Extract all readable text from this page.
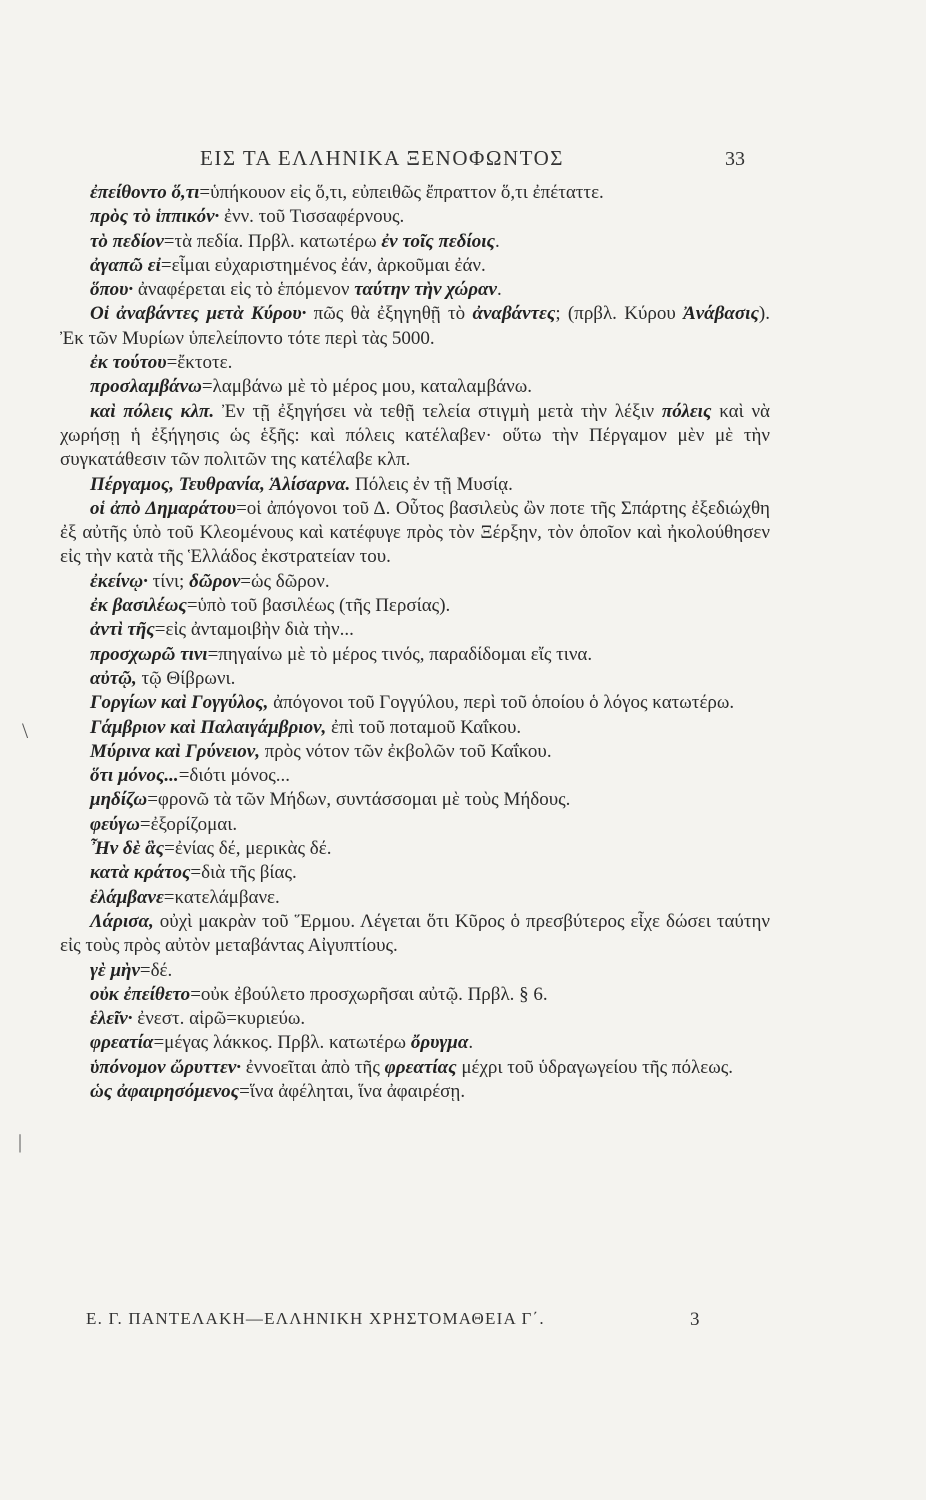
ΕΙΣ ΤΑ ΕΛΛΗΝΙΚΑ ΞΕΝΟΦΩΝΤΟΣ	33

ἐπείθοντο ὅ,τι=ὑπήκουον εἰς ὅ,τι, εὐπειθῶς ἔπραττον ὅ,τι ἐπέταττε.

πρὸς τὸ ἱππικόν· ἐνν. τοῦ Τισσαφέρνους.

τὸ πεδίον=τὰ πεδία. Πρβλ. κατωτέρω ἐν τοῖς πεδίοις.

ἀγαπῶ εἰ=εἶμαι εὐχαριστημένος ἐάν, ἀρκοῦμαι ἐάν.

ὅπου· ἀναφέρεται εἰς τὸ ἑπόμενον ταύτην τὴν χώραν.

Οἱ ἀναβάντες μετὰ Κύρου· πῶς θὰ ἐξηγηθῇ τὸ ἀναβάντες; (πρβλ. Κύρου Ἀνάβασις). Ἐκ τῶν Μυρίων ὑπελείποντο τότε περὶ τὰς 5000.

ἐκ τούτου=ἔκτοτε.

προσλαμβάνω=λαμβάνω μὲ τὸ μέρος μου, καταλαμβάνω.

καὶ πόλεις κλπ. Ἐν τῇ ἐξηγήσει νὰ τεθῇ τελεία στιγμὴ μετὰ τὴν λέξιν πόλεις καὶ νὰ χωρήσῃ ἡ ἐξήγησις ὡς ἑξῆς: καὶ πόλεις κατέλαβεν· οὕτω τὴν Πέργαμον μὲν μὲ τὴν συγκατάθεσιν τῶν πολιτῶν της κατέλαβε κλπ.

Πέργαμος, Τευθρανία, Ἁλίσαρνα. Πόλεις ἐν τῇ Μυσίᾳ.

οἱ ἀπὸ Δημαράτου=οἱ ἀπόγονοι τοῦ Δ. Οὗτος βασιλεὺς ὢν ποτε τῆς Σπάρτης ἐξεδιώχθη ἐξ αὐτῆς ὑπὸ τοῦ Κλεομένους καὶ κατέφυγε πρὸς τὸν Ξέρξην, τὸν ὁποῖον καὶ ἠκολούθησεν εἰς τὴν κατὰ τῆς Ἑλλάδος ἐκστρατείαν του.

ἐκείνῳ· τίνι; δῶρον=ὡς δῶρον.

ἐκ βασιλέως=ὑπὸ τοῦ βασιλέως (τῆς Περσίας).

ἀντὶ τῆς=εἰς ἀνταμοιβὴν διὰ τὴν...

προσχωρῶ τινι=πηγαίνω μὲ τὸ μέρος τινός, παραδίδομαι εἴς τινα.

αὐτῷ, τῷ Θίβρωνι.

Γοργίων καὶ Γογγύλος, ἀπόγονοι τοῦ Γογγύλου, περὶ τοῦ ὁποίου ὁ λόγος κατωτέρω.

Γάμβριον καὶ Παλαιγάμβριον, ἐπὶ τοῦ ποταμοῦ Καΐκου.

Μύρινα καὶ Γρύνειον, πρὸς νότον τῶν ἐκβολῶν τοῦ Καΐκου.

ὅτι μόνος...=διότι μόνος...

μηδίζω=φρονῶ τὰ τῶν Μήδων, συντάσσομαι μὲ τοὺς Μήδους.

φεύγω=ἐξορίζομαι.

Ἦν δὲ ἃς=ἐνίας δέ, μερικὰς δέ.

κατὰ κράτος=διὰ τῆς βίας.

ἐλάμβανε=κατελάμβανε.

Λάρισα, οὐχὶ μακρὰν τοῦ Ἕρμου. Λέγεται ὅτι Κῦρος ὁ πρεσβύτερος εἶχε δώσει ταύτην εἰς τοὺς πρὸς αὐτὸν μεταβάντας Αἰγυπτίους.

γὲ μὴν=δέ.

οὐκ ἐπείθετο=οὐκ ἐβούλετο προσχωρῆσαι αὐτῷ. Πρβλ. § 6.

ἑλεῖν· ἐνεστ. αἱρῶ=κυριεύω.

φρεατία=μέγας λάκκος. Πρβλ. κατωτέρω ὄρυγμα.

ὑπόνομον ὤρυττεν· ἐννοεῖται ἀπὸ τῆς φρεατίας μέχρι τοῦ ὑδραγωγείου τῆς πόλεως.

ὡς ἀφαιρησόμενος=ἵνα ἀφέληται, ἵνα ἀφαιρέσῃ.

\
|
Ε. Γ. ΠΑΝΤΕΛΑΚΗ—ΕΛΛΗΝΙΚΗ ΧΡΗΣΤΟΜΑΘΕΙΑ Γ΄.	3
